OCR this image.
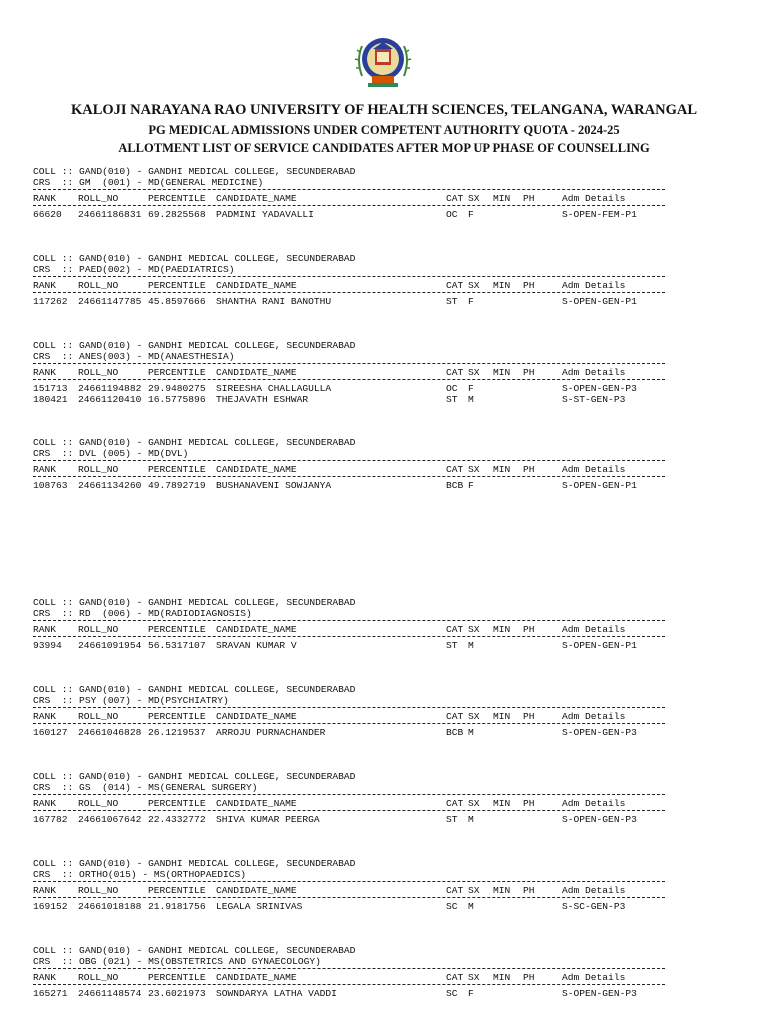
KALOJI NARAYANA RAO UNIVERSITY OF HEALTH SCIENCES, TELANGANA, WARANGAL
PG MEDICAL ADMISSIONS UNDER COMPETENT AUTHORITY QUOTA - 2024-25
ALLOTMENT LIST OF SERVICE CANDIDATES AFTER MOP UP PHASE OF COUNSELLING
COLL :: GAND(010) - GANDHI MEDICAL COLLEGE, SECUNDERABAD
CRS  :: GM  (001) - MD(GENERAL MEDICINE)
RANK ROLL_NO	PERCENTILE CANDIDATE_NAME	CAT SX MIN PH	Adm Details
66620 24661186831 69.2825568 PADMINI YADAVALLI	OC F	S-OPEN-FEM-P1
COLL :: GAND(010) - GANDHI MEDICAL COLLEGE, SECUNDERABAD
CRS  :: PAED(002) - MD(PAEDIATRICS)
RANK ROLL_NO	PERCENTILE CANDIDATE_NAME	CAT SX MIN PH	Adm Details
117262 24661147785 45.8597666 SHANTHA RANI BANOTHU	ST F	S-OPEN-GEN-P1
COLL :: GAND(010) - GANDHI MEDICAL COLLEGE, SECUNDERABAD
CRS  :: ANES(003) - MD(ANAESTHESIA)
RANK ROLL_NO	PERCENTILE CANDIDATE_NAME	CAT SX MIN PH	Adm Details
151713 24661194882 29.9480275 SIREESHA CHALLAGULLA	OC F	S-OPEN-GEN-P3
180421 24661120410 16.5775896 THEJAVATH ESHWAR	ST M	S-ST-GEN-P3
COLL :: GAND(010) - GANDHI MEDICAL COLLEGE, SECUNDERABAD
CRS  :: DVL (005) - MD(DVL)
RANK ROLL_NO	PERCENTILE CANDIDATE_NAME	CAT SX MIN PH	Adm Details
108763 24661134260 49.7892719 BUSHANAVENI SOWJANYA	BCB F	S-OPEN-GEN-P1
COLL :: GAND(010) - GANDHI MEDICAL COLLEGE, SECUNDERABAD
CRS  :: RD  (006) - MD(RADIODIAGNOSIS)
RANK ROLL_NO	PERCENTILE CANDIDATE_NAME	CAT SX MIN PH	Adm Details
93994 24661091954 56.5317107 SRAVAN KUMAR V	ST M	S-OPEN-GEN-P1
COLL :: GAND(010) - GANDHI MEDICAL COLLEGE, SECUNDERABAD
CRS  :: PSY (007) - MD(PSYCHIATRY)
RANK ROLL_NO	PERCENTILE CANDIDATE_NAME	CAT SX MIN PH	Adm Details
160127 24661046828 26.1219537 ARROJU PURNACHANDER	BCB M	S-OPEN-GEN-P3
COLL :: GAND(010) - GANDHI MEDICAL COLLEGE, SECUNDERABAD
CRS  :: GS  (014) - MS(GENERAL SURGERY)
RANK ROLL_NO	PERCENTILE CANDIDATE_NAME	CAT SX MIN PH	Adm Details
167782 24661067642 22.4332772 SHIVA KUMAR PEERGA	ST M	S-OPEN-GEN-P3
COLL :: GAND(010) - GANDHI MEDICAL COLLEGE, SECUNDERABAD
CRS  :: ORTHO(015) - MS(ORTHOPAEDICS)
RANK ROLL_NO	PERCENTILE CANDIDATE_NAME	CAT SX MIN PH	Adm Details
169152 24661018188 21.9181756 LEGALA SRINIVAS	SC M	S-SC-GEN-P3
COLL :: GAND(010) - GANDHI MEDICAL COLLEGE, SECUNDERABAD
CRS  :: OBG (021) - MS(OBSTETRICS AND GYNAECOLOGY)
RANK ROLL_NO	PERCENTILE CANDIDATE_NAME	CAT SX MIN PH	Adm Details
165271 24661148574 23.6021973 SOWNDARYA LATHA VADDI	SC F	S-OPEN-GEN-P3
